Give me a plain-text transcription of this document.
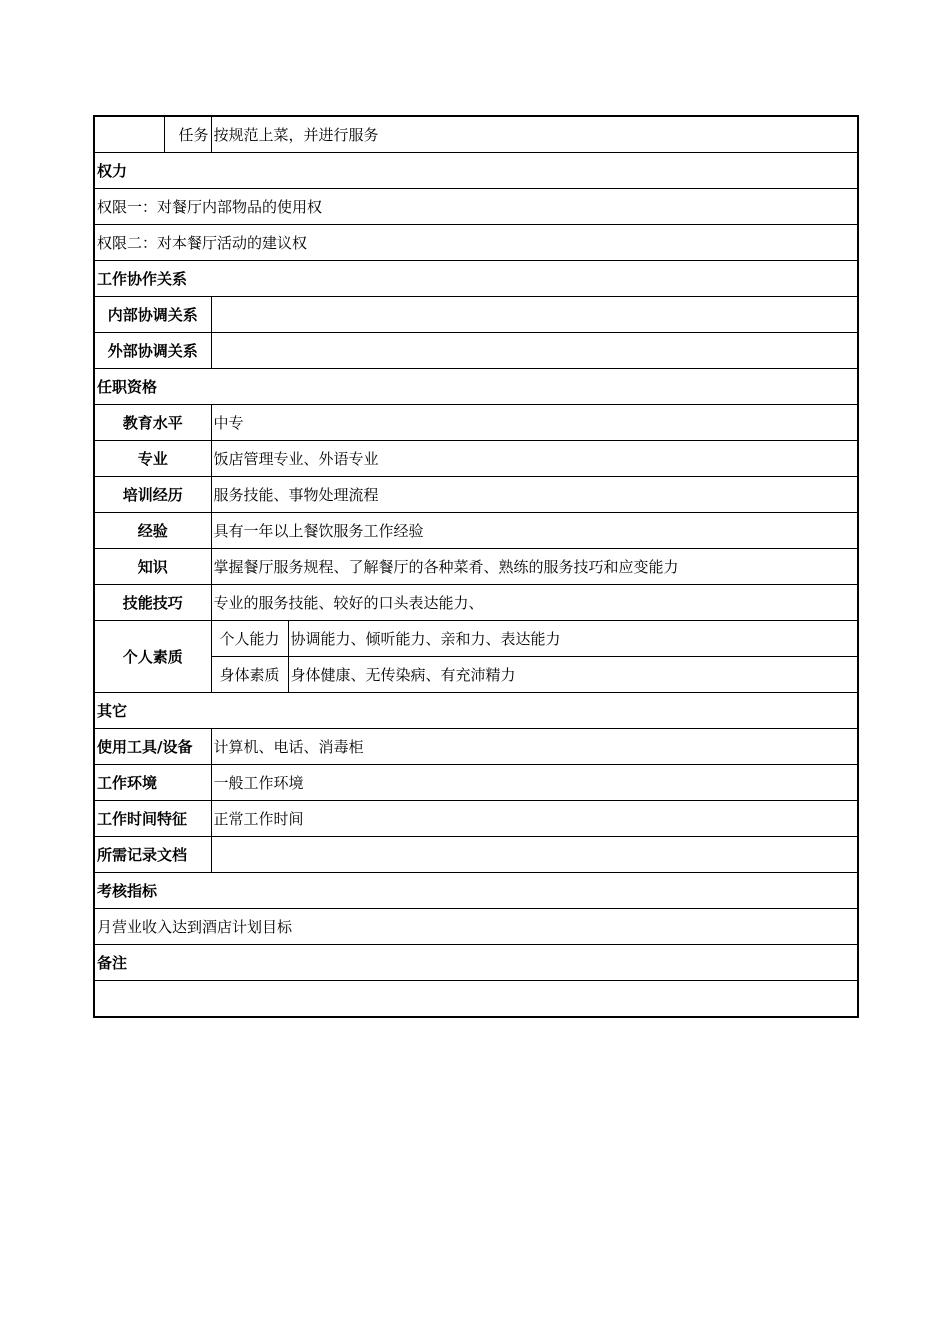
	任务	按规范上菜，并进行服务	
权力			
权限一：对餐厅内部物品的使用权			
权限二：对本餐厅活动的建议权			
工作协作关系			
内部协调关系			
外部协调关系			
任职资格			
教育水平		中专	
专业		饭店管理专业、外语专业	
培训经历		服务技能、事物处理流程	
经验		具有一年以上餐饮服务工作经验	
知识		掌握餐厅服务规程、了解餐厅的各种菜肴、熟练的服务技巧和应变能力	
技能技巧		专业的服务技能、较好的口头表达能力、	
个人素质		个人能力	协调能力、倾听能力、亲和力、表达能力
		身体素质	身体健康、无传染病、有充沛精力
其它			
使用工具/设备		计算机、电话、消毒柜	
工作环境		一般工作环境	
工作时间特征		正常工作时间	
所需记录文档			
考核指标			
月营业收入达到酒店计划目标			
备注			
